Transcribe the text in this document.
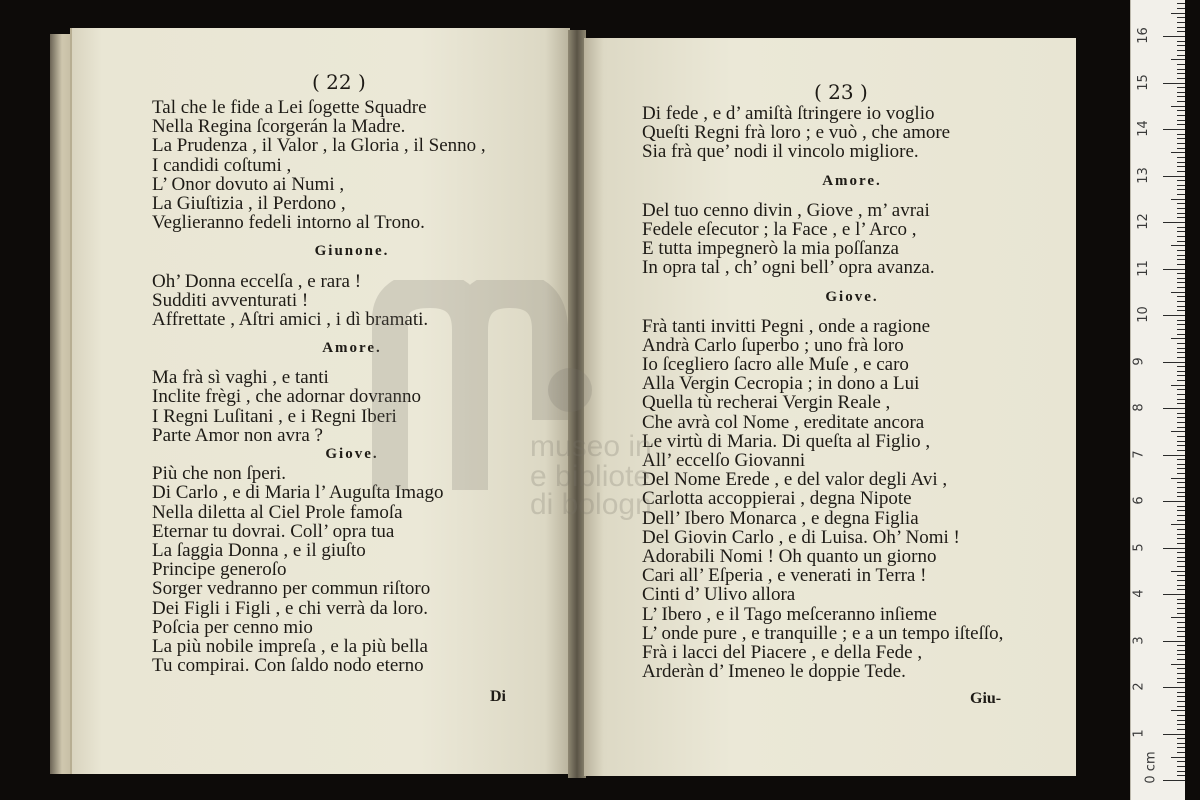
( 22 )
Tal che le fide a Lei ſogette Squadre
Nella Regina ſcorgerán la Madre.
La Prudenza , il Valor , la Gloria , il Senno ,
I candidi coſtumi ,
L’ Onor dovuto ai Numi ,
La Giuſtizia , il Perdono ,
Veglieranno fedeli intorno al Trono.
Giunone.
Oh’ Donna eccelſa , e rara !
Sudditi avventurati !
Affrettate , Aſtri amici , i dì bramati.
Amore.
Ma frà sì vaghi , e tanti
Inclite frègi , che adornar dovranno
I Regni Luſitani , e i Regni Iberi
Parte Amor non avra ?
Giove.
Più che non ſperi.
Di Carlo , e di Maria l’ Auguſta Imago
Nella diletta al Ciel Prole famoſa
Eternar tu dovrai. Coll’ opra tua
La ſaggia Donna , e il giuſto
Principe generoſo
Sorger vedranno per commun riſtoro
Dei Figli i Figli , e chi verrà da loro.
Poſcia per cenno mio
La più nobile impreſa , e la più bella
Tu compirai. Con ſaldo nodo eterno
Di
( 23 )
Di fede , e d’ amiſtà ſtringere io voglio
Queſti Regni frà loro ; e vuò , che amore
Sia frà que’ nodi il vincolo migliore.
Amore.
Del tuo cenno divin , Giove , m’ avrai
Fedele eſecutor ; la Face , e l’ Arco ,
E tutta impegnerò la mia poſſanza
In opra tal , ch’ ogni bell’ opra avanza.
Giove.
Frà tanti invitti Pegni , onde a ragione
Andrà Carlo ſuperbo ; uno frà loro
Io ſcegliero ſacro alle Muſe , e caro
Alla Vergin Cecropia ; in dono a Lui
Quella tù recherai Vergin Reale ,
Che avrà col Nome , ereditate ancora
Le virtù di Maria. Di queſta al Figlio ,
All’ eccelſo Giovanni
Del Nome Erede , e del valor degli Avi ,
Carlotta accoppierai , degna Nipote
Dell’ Ibero Monarca , e degna Figlia
Del Giovin Carlo , e di Luisa. Oh’ Nomi !
Adorabili Nomi ! Oh quanto un giorno
Cari all’ Eſperia , e venerati in Terra !
Cinti d’ Ulivo allora
L’ Ibero , e il Tago meſceranno inſieme
L’ onde pure , e tranquille ; e a un tempo iſteſſo,
Frà i lacci del Piacere , e della Fede ,
Arderàn d’ Imeneo le doppie Tede.
Giu-
museo in
e bibliote
di bologn
0 cm
1
2
3
4
5
6
7
8
9
10
11
12
13
14
15
16
